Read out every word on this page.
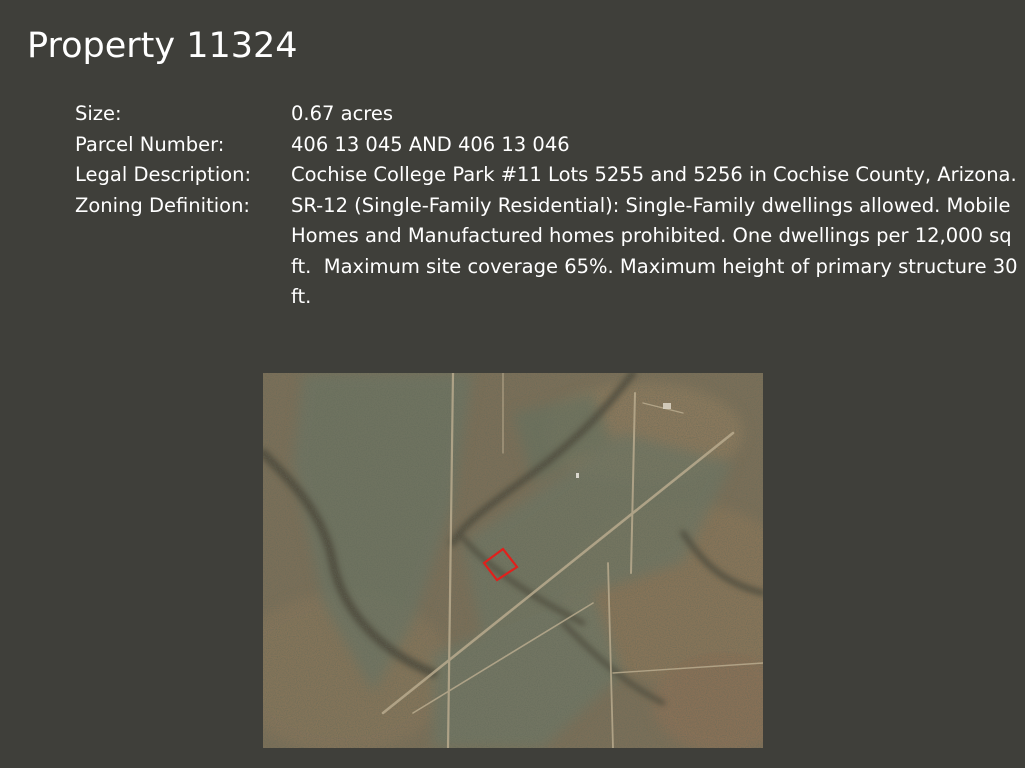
Property 11324
Size:	0.67 acres
Parcel Number:	406 13 045 AND 406 13 046
Legal Description:	Cochise College Park #11 Lots 5255 and 5256 in Cochise County, Arizona.
Zoning Definition:	SR-12 (Single-Family Residential): Single-Family dwellings allowed. Mobile Homes and Manufactured homes prohibited. One dwellings per 12,000 sq ft.  Maximum site coverage 65%. Maximum height of primary structure 30 ft.
